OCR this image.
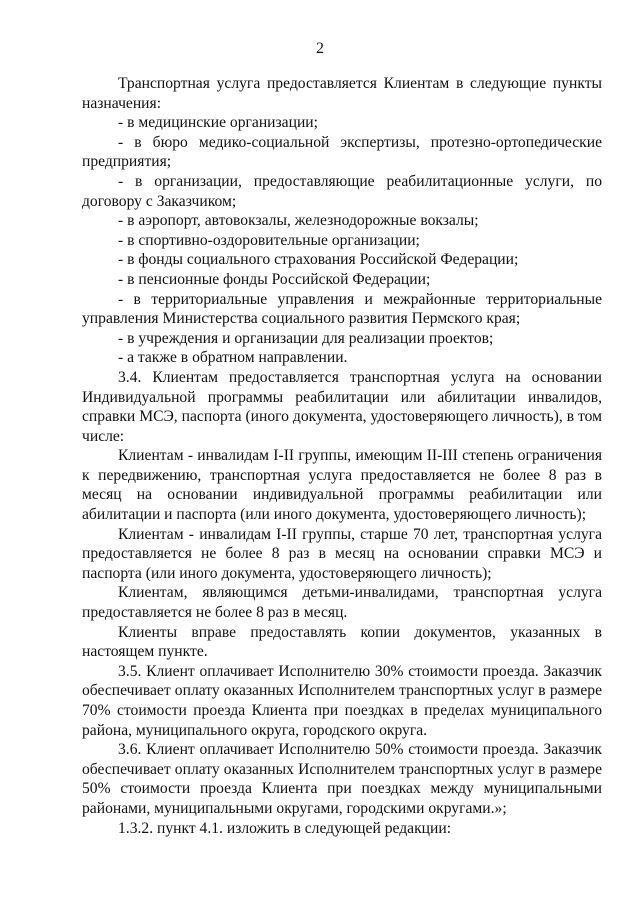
2

Транспортная услуга предоставляется Клиентам в следующие пункты назначения:

- в медицинские организации;

- в бюро медико-социальной экспертизы, протезно-ортопедические предприятия;

- в организации, предоставляющие реабилитационные услуги, по договору с Заказчиком;

- в аэропорт, автовокзалы, железнодорожные вокзалы;

- в спортивно-оздоровительные организации;

- в фонды социального страхования Российской Федерации;

- в пенсионные фонды Российской Федерации;

- в территориальные управления и межрайонные территориальные управления Министерства социального развития Пермского края;

- в учреждения и организации для реализации проектов;

- а также в обратном направлении.

3.4. Клиентам предоставляется транспортная услуга на основании Индивидуальной программы реабилитации или абилитации инвалидов, справки МСЭ, паспорта (иного документа, удостоверяющего личность), в том числе:

Клиентам - инвалидам I-II группы, имеющим II-III степень ограничения к передвижению, транспортная услуга предоставляется не более 8 раз в месяц на основании индивидуальной программы реабилитации или абилитации и паспорта (или иного документа, удостоверяющего личность);

Клиентам - инвалидам I-II группы, старше 70 лет, транспортная услуга предоставляется не более 8 раз в месяц на основании справки МСЭ и паспорта (или иного документа, удостоверяющего личность);

Клиентам, являющимся детьми-инвалидами, транспортная услуга предоставляется не более 8 раз в месяц.

Клиенты вправе предоставлять копии документов, указанных в настоящем пункте.

3.5. Клиент оплачивает Исполнителю 30% стоимости проезда. Заказчик обеспечивает оплату оказанных Исполнителем транспортных услуг в размере 70% стоимости проезда Клиента при поездках в пределах муниципального района, муниципального округа, городского округа.

3.6. Клиент оплачивает Исполнителю 50% стоимости проезда. Заказчик обеспечивает оплату оказанных Исполнителем транспортных услуг в размере 50% стоимости проезда Клиента при поездках между муниципальными районами, муниципальными округами, городскими округами.»;

1.3.2. пункт 4.1. изложить в следующей редакции:
